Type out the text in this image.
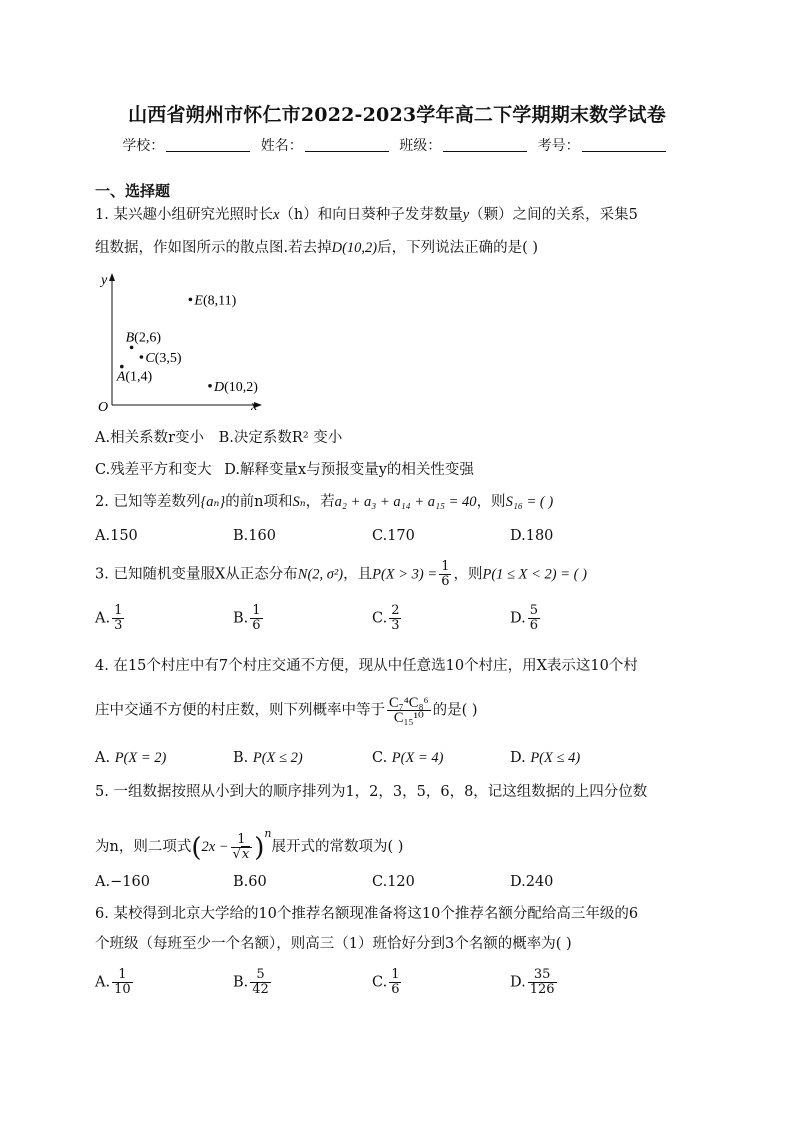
山西省朔州市怀仁市2022-2023学年高二下学期期末数学试卷
学校：	姓名：	班级：	考号：
一、选择题
1. 某兴趣小组研究光照时长x（h）和向日葵种子发芽数量y（颗）之间的关系，采集5
组数据，作如图所示的散点图.若去掉D(10,2)后，下列说法正确的是( )
x
y
O
A(1,4)
B(2,6)
C(3,5)
D(10,2)
E(8,11)
A.相关系数r变小 B.决定系数R² 变小
C.残差平方和变大 D.解释变量x与预报变量y的相关性变强
2. 已知等差数列{aₙ}的前n项和Sₙ，若a₂ + a₃ + a₁₄ + a₁₅ = 40，则S₁₆ = ( )
A.150	B.160	C.170	D.180
3. 已知随机变量服X从正态分布N(2, σ²)，且$P(X > 3) = \frac{1}{6}$ ，则P(1 ≤ X < 2) = ( )
A. $\frac{1}{3}$	B. $\frac{1}{6}$	C. $\frac{2}{3}$	D. $\frac{5}{6}$
4. 在15个村庄中有7个村庄交通不方便，现从中任意选10个村庄，用X表示这10个村
庄中交通不方便的村庄数，则下列概率中等于 $\frac{\text{C₇⁴C₈⁶}}{\text{C₁₅¹⁰}}$ 的是( )
A. P(X = 2)	B. P(X ≤ 2)	C. P(X = 4)	D. P(X ≤ 4)
5. 一组数据按照从小到大的顺序排列为1，2，3，5，6，8，记这组数据的上四分位数
为n，则二项式$(2x - \frac{1}{√x} )^n$展开式的常数项为( )
A.−160	B.60	C.120	D.240
6. 某校得到北京大学给的10个推荐名额现准备将这10个推荐名额分配给高三年级的6
个班级（每班至少一个名额），则高三（1）班恰好分到3个名额的概率为( )
A. $\frac{1}{10}$	B. $\frac{5}{42}$	C. $\frac{1}{6}$	D. $\frac{35}{126}$
